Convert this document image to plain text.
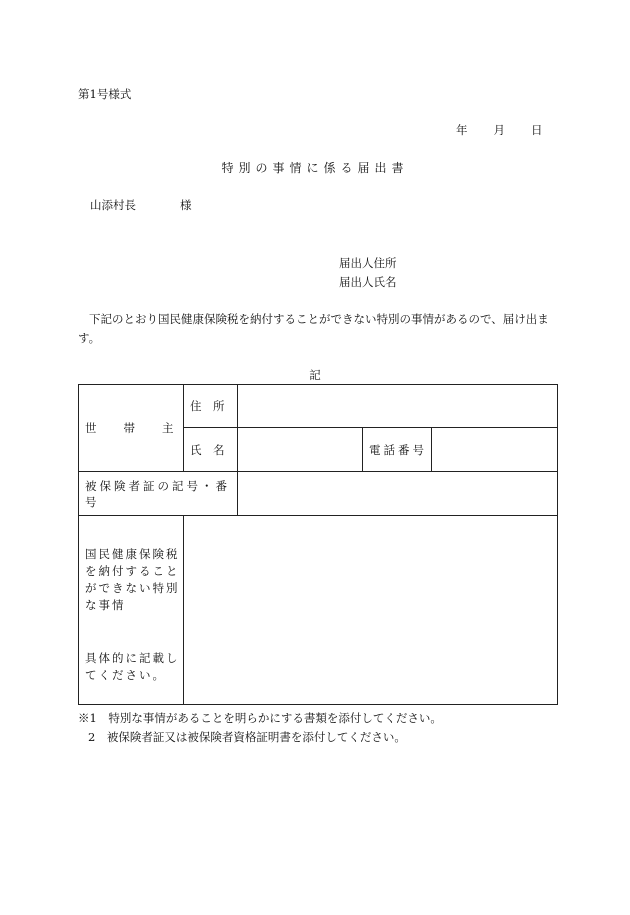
第1号様式
年 月 日
特別の事情に係る届出書
山添村長	様
届出人住所
届出人氏名
下記のとおり国民健康保険税を納付することができない特別の事情があるので、届け出ます。
記
世 帯 主	住　所			
	氏　名		電話番号	
被保険者証の記号・番号				
国民健康保険税を納付することができない特別な事情
具体的に記載してください。				

※1　特別な事情があることを明らかにする書類を添付してください。
2　被保険者証又は被保険者資格証明書を添付してください。
